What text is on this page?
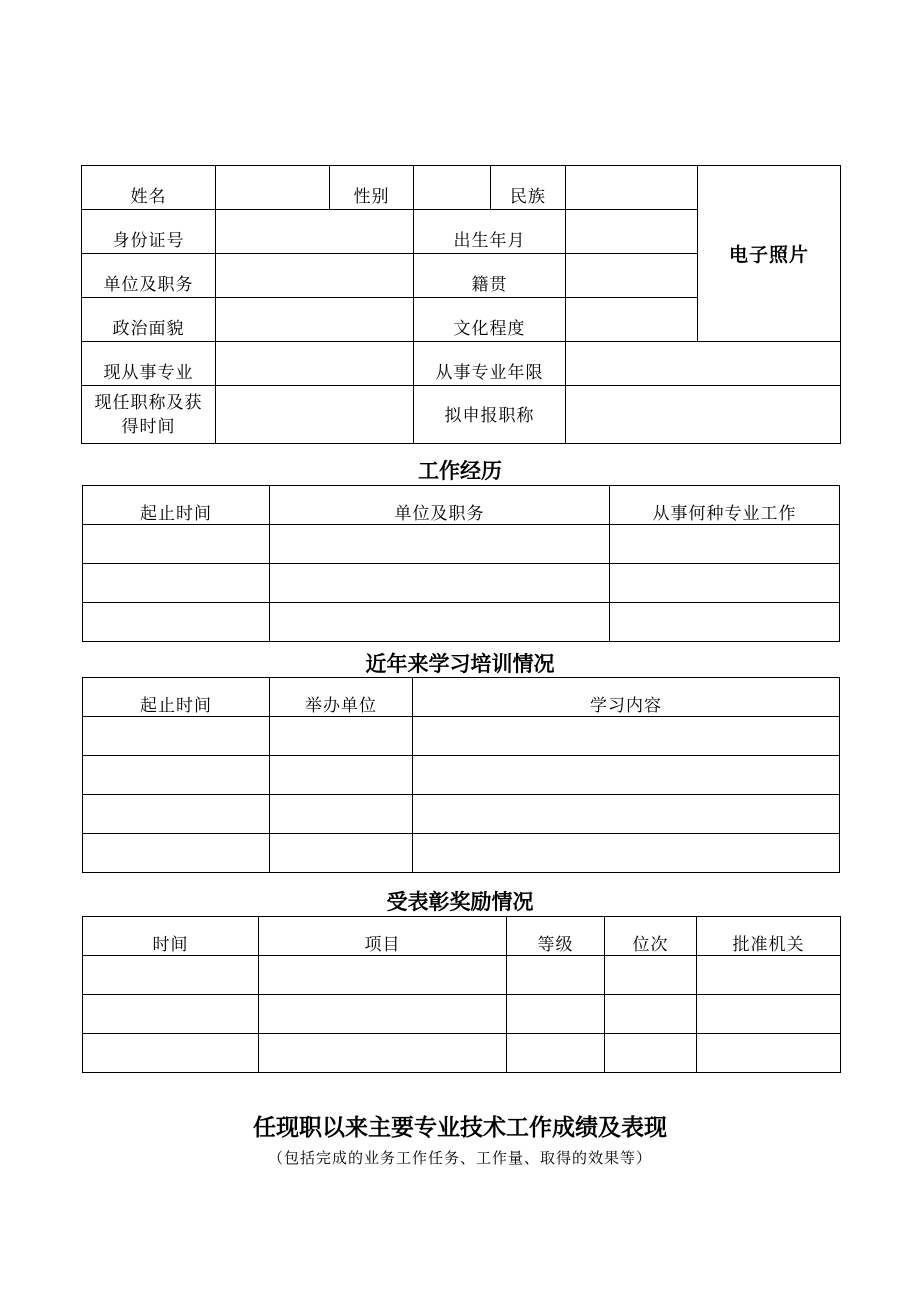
姓名		性别		民族		电子照片

身份证号			出生年月			

单位及职务			籍贯			

政治面貌			文化程度			

现从事专业			从事专业年限			

现任职称及获得时间			拟申报职称			

工作经历
起止时间	单位及职务	从事何种专业工作

近年来学习培训情况
起止时间	举办单位	学习内容

受表彰奖励情况
时间	项目	等级	位次	批准机关

任现职以来主要专业技术工作成绩及表现
（包括完成的业务工作任务、工作量、取得的效果等）
